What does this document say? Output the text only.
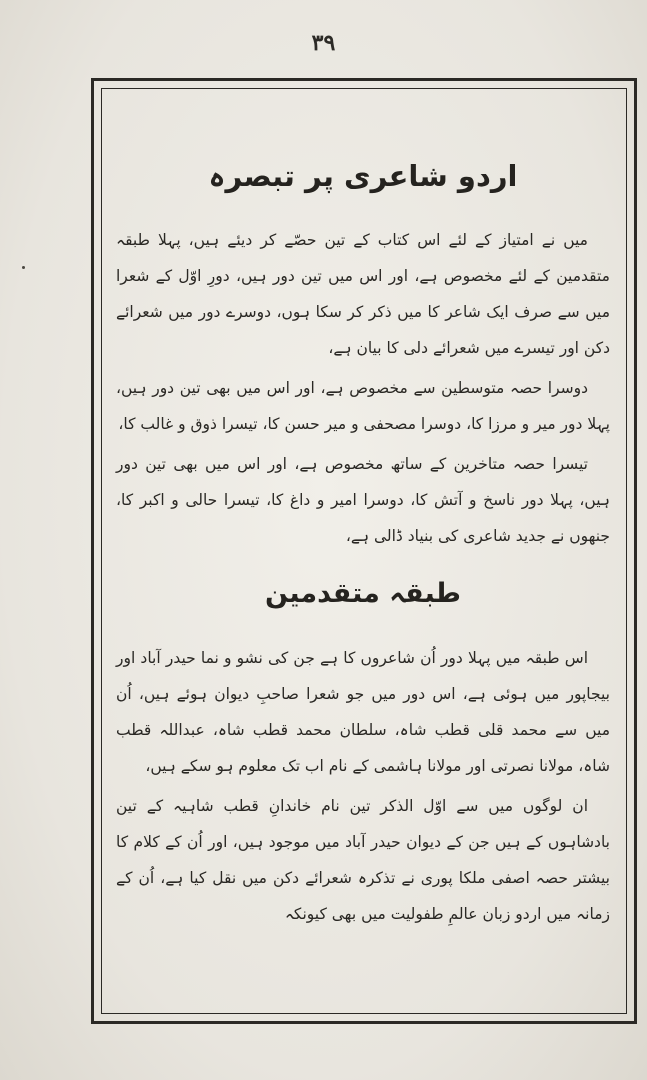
۳۹
اردو شاعری پر تبصرہ

میں نے امتیاز کے لئے اس کتاب کے تین حصّے کر دیئے ہیں، پہلا طبقہ متقدمین کے لئے مخصوص ہے، اور اس میں تین دور ہیں، دورِ اوّل کے شعرا میں سے صرف ایک شاعر کا میں ذکر کر سکا ہوں، دوسرے دور میں شعرائے دکن اور تیسرے میں شعرائے دلی کا بیان ہے،

دوسرا حصہ متوسطین سے مخصوص ہے، اور اس میں بھی تین دور ہیں، پہلا دور میر و مرزا کا، دوسرا مصحفی و میر حسن کا، تیسرا ذوق و غالب کا،

تیسرا حصہ متاخرین کے ساتھ مخصوص ہے، اور اس میں بھی تین دور ہیں، پہلا دور ناسخ و آتش کا، دوسرا امیر و داغ کا، تیسرا حالی و اکبر کا، جنھوں نے جدید شاعری کی بنیاد ڈالی ہے،

طبقہ متقدمین

اس طبقہ میں پہلا دور اُن شاعروں کا ہے جن کی نشو و نما حیدر آباد اور بیجاپور میں ہوئی ہے، اس دور میں جو شعرا صاحبِ دیوان ہوئے ہیں، اُن میں سے محمد قلی قطب شاہ، سلطان محمد قطب شاہ، عبداللہ قطب شاہ، مولانا نصرتی اور مولانا ہاشمی کے نام اب تک معلوم ہو سکے ہیں،

ان لوگوں میں سے اوّل الذکر تین نام خاندانِ قطب شاہیہ کے تین بادشاہوں کے ہیں جن کے دیوان حیدر آباد میں موجود ہیں، اور اُن کے کلام کا بیشتر حصہ اصفی ملکا پوری نے تذکرہ شعرائے دکن میں نقل کیا ہے، اُن کے زمانہ میں اردو زبان عالمِ طفولیت میں بھی کیونکہ
